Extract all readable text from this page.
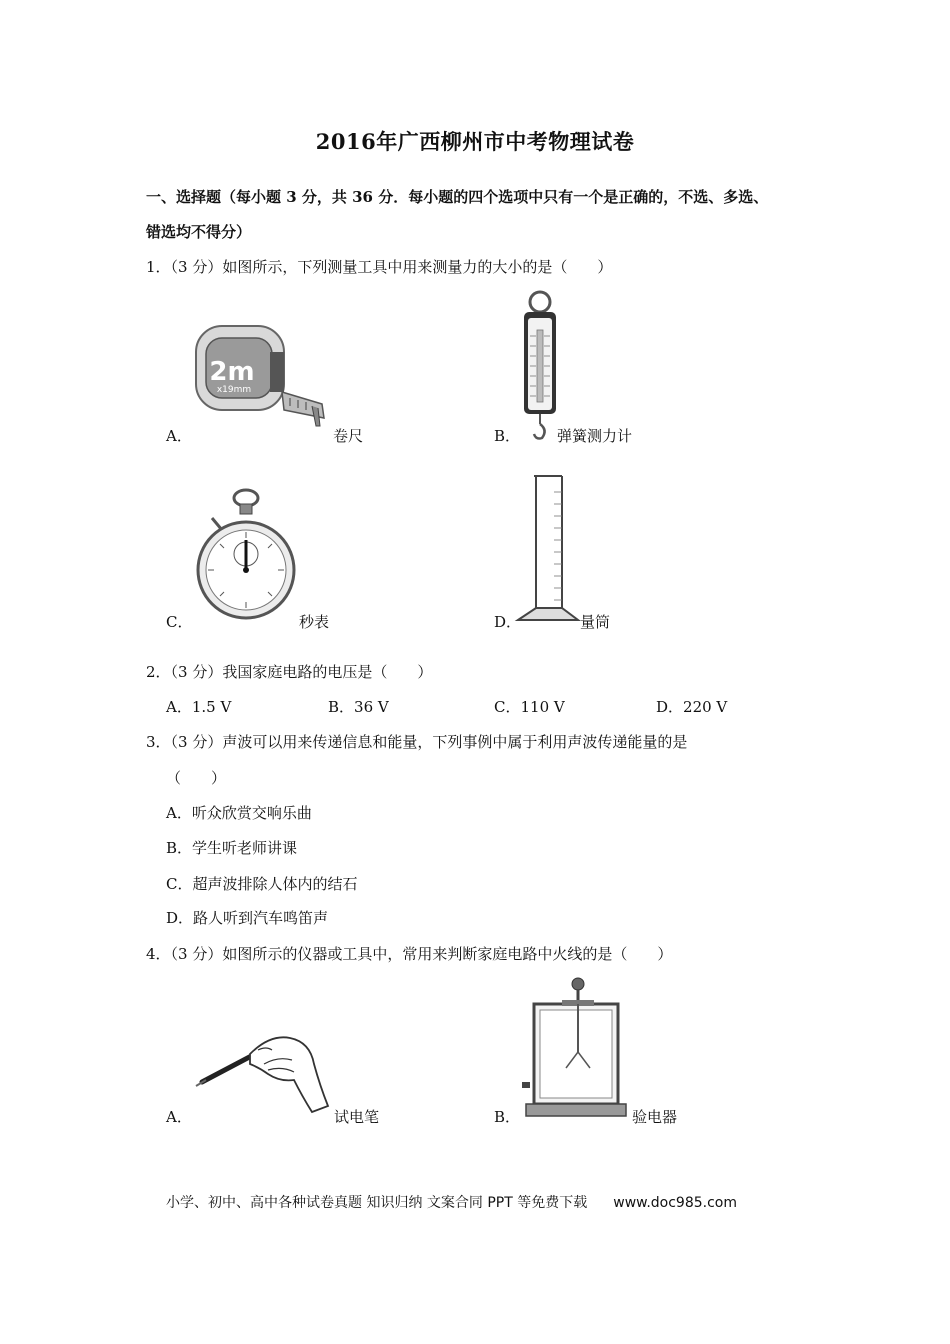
2016年广西柳州市中考物理试卷
一、选择题（每小题 3 分，共 36 分．每小题的四个选项中只有一个是正确的，不选、多选、
错选均不得分）
1．（3 分）如图所示，下列测量工具中用来测量力的大小的是（　　）
A．
2m
x19mm
卷尺	B． 弹簧测力计
C．	秒表	D．	量筒
2．（3 分）我国家庭电路的电压是（　　）
A．1.5 V	B．36 V	C．110 V	D．220 V
3．（3 分）声波可以用来传递信息和能量，下列事例中属于利用声波传递能量的是
（　　）
A．听众欣赏交响乐曲
B．学生听老师讲课
C．超声波排除人体内的结石
D．路人听到汽车鸣笛声
4．（3 分）如图所示的仪器或工具中，常用来判断家庭电路中火线的是（　　）
A．	试电笔	B．	验电器
小学、初中、高中各种试卷真题 知识归纳 文案合同 PPT 等免费下载 www.doc985.com
